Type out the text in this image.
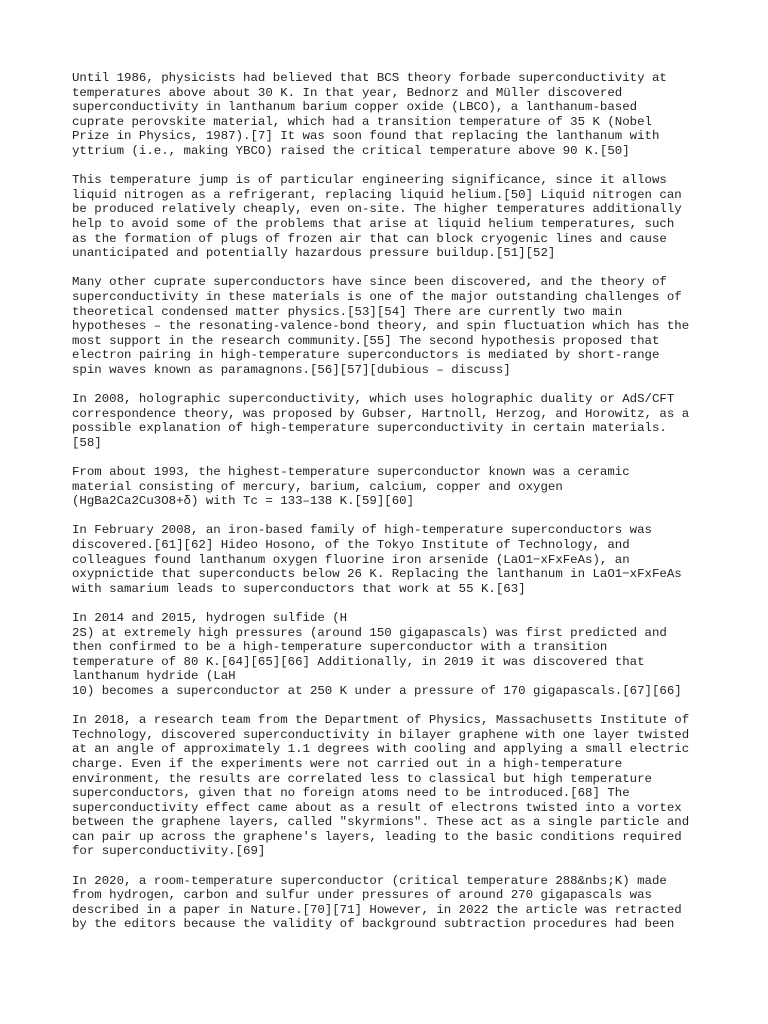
Until 1986, physicists had believed that BCS theory forbade superconductivity at
temperatures above about 30 K. In that year, Bednorz and Müller discovered
superconductivity in lanthanum barium copper oxide (LBCO), a lanthanum-based
cuprate perovskite material, which had a transition temperature of 35 K (Nobel
Prize in Physics, 1987).[7] It was soon found that replacing the lanthanum with
yttrium (i.e., making YBCO) raised the critical temperature above 90 K.[50]

This temperature jump is of particular engineering significance, since it allows
liquid nitrogen as a refrigerant, replacing liquid helium.[50] Liquid nitrogen can
be produced relatively cheaply, even on-site. The higher temperatures additionally
help to avoid some of the problems that arise at liquid helium temperatures, such
as the formation of plugs of frozen air that can block cryogenic lines and cause
unanticipated and potentially hazardous pressure buildup.[51][52]

Many other cuprate superconductors have since been discovered, and the theory of
superconductivity in these materials is one of the major outstanding challenges of
theoretical condensed matter physics.[53][54] There are currently two main
hypotheses – the resonating-valence-bond theory, and spin fluctuation which has the
most support in the research community.[55] The second hypothesis proposed that
electron pairing in high-temperature superconductors is mediated by short-range
spin waves known as paramagnons.[56][57][dubious – discuss]

In 2008, holographic superconductivity, which uses holographic duality or AdS/CFT
correspondence theory, was proposed by Gubser, Hartnoll, Herzog, and Horowitz, as a
possible explanation of high-temperature superconductivity in certain materials.
[58]

From about 1993, the highest-temperature superconductor known was a ceramic
material consisting of mercury, barium, calcium, copper and oxygen
(HgBa2Ca2Cu3O8+δ) with Tc = 133–138 K.[59][60]

In February 2008, an iron-based family of high-temperature superconductors was
discovered.[61][62] Hideo Hosono, of the Tokyo Institute of Technology, and
colleagues found lanthanum oxygen fluorine iron arsenide (LaO1−xFxFeAs), an
oxypnictide that superconducts below 26 K. Replacing the lanthanum in LaO1−xFxFeAs
with samarium leads to superconductors that work at 55 K.[63]

In 2014 and 2015, hydrogen sulfide (H
2S) at extremely high pressures (around 150 gigapascals) was first predicted and
then confirmed to be a high-temperature superconductor with a transition
temperature of 80 K.[64][65][66] Additionally, in 2019 it was discovered that
lanthanum hydride (LaH
10) becomes a superconductor at 250 K under a pressure of 170 gigapascals.[67][66]

In 2018, a research team from the Department of Physics, Massachusetts Institute of
Technology, discovered superconductivity in bilayer graphene with one layer twisted
at an angle of approximately 1.1 degrees with cooling and applying a small electric
charge. Even if the experiments were not carried out in a high-temperature
environment, the results are correlated less to classical but high temperature
superconductors, given that no foreign atoms need to be introduced.[68] The
superconductivity effect came about as a result of electrons twisted into a vortex
between the graphene layers, called "skyrmions". These act as a single particle and
can pair up across the graphene's layers, leading to the basic conditions required
for superconductivity.[69]

In 2020, a room-temperature superconductor (critical temperature 288&nbs;K) made
from hydrogen, carbon and sulfur under pressures of around 270 gigapascals was
described in a paper in Nature.[70][71] However, in 2022 the article was retracted
by the editors because the validity of background subtraction procedures had been
